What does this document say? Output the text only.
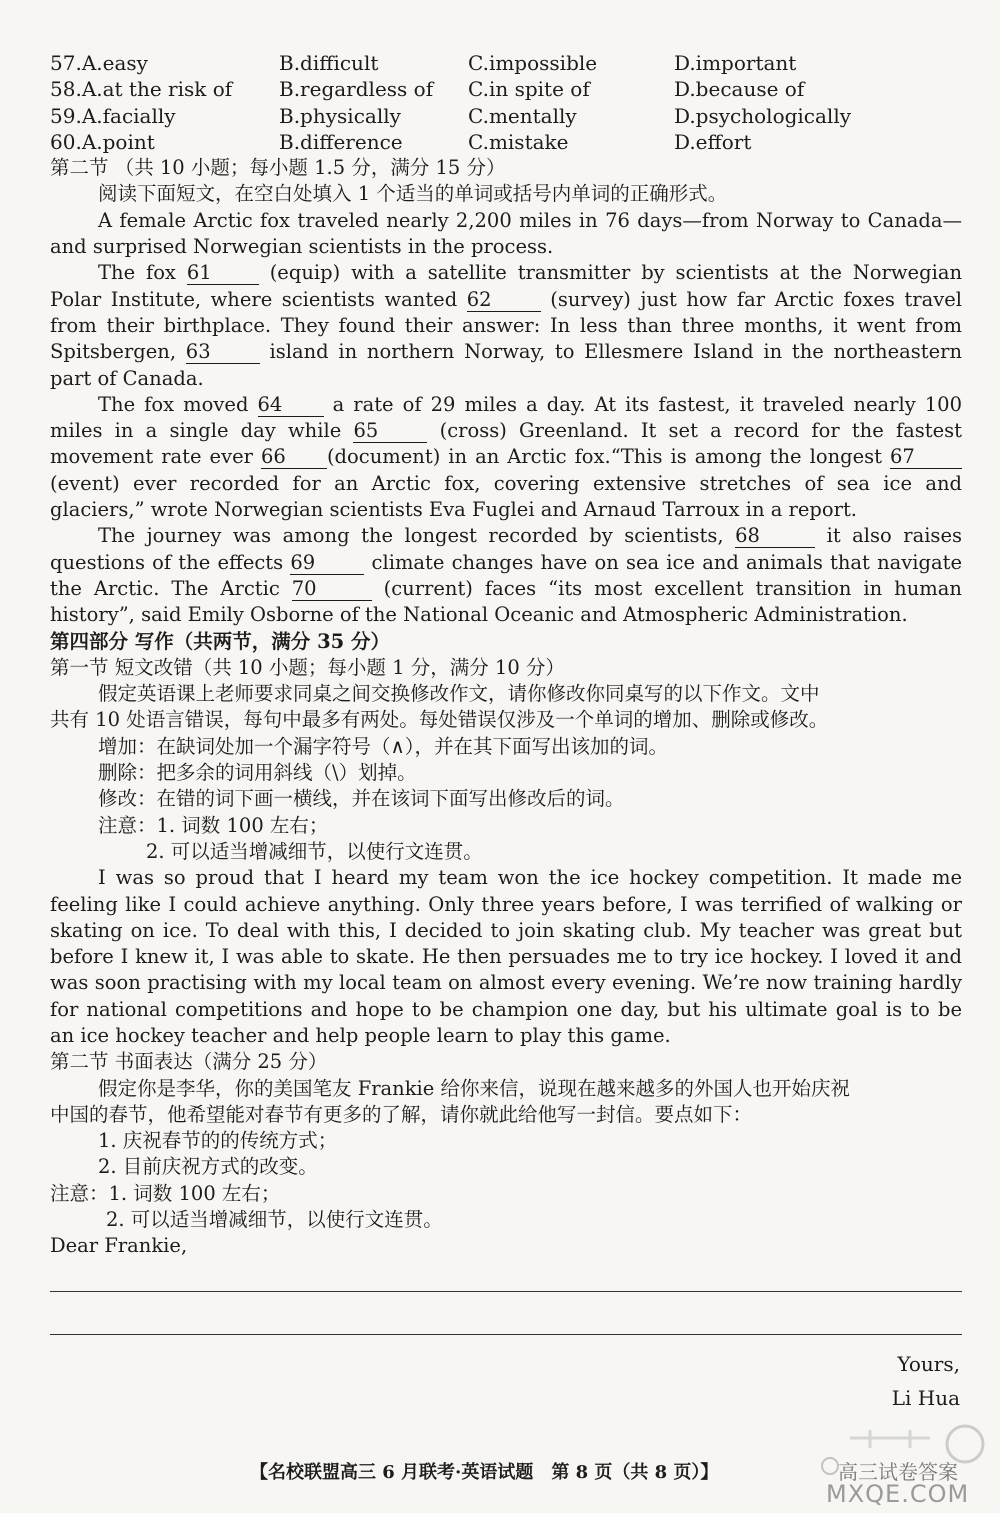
57.A.easy	B.difficult	C.impossible	D.important
58.A.at the risk of	B.regardless of	C.in spite of	D.because of
59.A.facially	B.physically	C.mentally	D.psychologically
60.A.point	B.difference	C.mistake	D.effort
第二节 （共 10 小题；每小题 1.5 分，满分 15 分）
阅读下面短文，在空白处填入 1 个适当的单词或括号内单词的正确形式。
A female Arctic fox traveled nearly 2,200 miles in 76 days—from Norway to Canada—
and surprised Norwegian scientists in the process.
The fox 61	(equip) with a satellite transmitter by scientists at the Norwegian
Polar Institute, where scientists wanted 62	(survey) just how far Arctic foxes travel
from their birthplace. They found their answer: In less than three months, it went from
Spitsbergen, 63	island in northern Norway, to Ellesmere Island in the northeastern
part of Canada.
The fox moved 64	a rate of 29 miles a day. At its fastest, it traveled nearly 100
miles in a single day while 65	(cross) Greenland. It set a record for the fastest
movement rate ever 66 (document) in an Arctic fox.“This is among the longest 67
(event) ever recorded for an Arctic fox, covering extensive stretches of sea ice and
glaciers,” wrote Norwegian scientists Eva Fuglei and Arnaud Tarroux in a report.
The journey was among the longest recorded by scientists, 68	it also raises
questions of the effects 69	climate changes have on sea ice and animals that navigate
the Arctic. The Arctic 70	(current) faces “its most excellent transition in human
history”, said Emily Osborne of the National Oceanic and Atmospheric Administration.
第四部分 写作（共两节，满分 35 分）
第一节 短文改错（共 10 小题；每小题 1 分，满分 10 分）
假定英语课上老师要求同桌之间交换修改作文，请你修改你同桌写的以下作文。文中
共有 10 处语言错误，每句中最多有两处。每处错误仅涉及一个单词的增加、删除或修改。
增加：在缺词处加一个漏字符号（∧），并在其下面写出该加的词。
删除：把多余的词用斜线（\）划掉。
修改：在错的词下画一横线，并在该词下面写出修改后的词。
注意：1. 词数 100 左右；
2. 可以适当增减细节，以使行文连贯。
I was so proud that I heard my team won the ice hockey competition. It made me
feeling like I could achieve anything. Only three years before, I was terrified of walking or
skating on ice. To deal with this, I decided to join skating club. My teacher was great but
before I knew it, I was able to skate. He then persuades me to try ice hockey. I loved it and
was soon practising with my local team on almost every evening. We’re now training hardly
for national competitions and hope to be champion one day, but his ultimate goal is to be
an ice hockey teacher and help people learn to play this game.
第二节 书面表达（满分 25 分）
假定你是李华，你的美国笔友 Frankie 给你来信，说现在越来越多的外国人也开始庆祝
中国的春节，他希望能对春节有更多的了解，请你就此给他写一封信。要点如下：
1. 庆祝春节的的传统方式；
2. 目前庆祝方式的改变。
注意：1. 词数 100 左右；
2. 可以适当增减细节，以使行文连贯。
Dear Frankie,
Yours,
Li Hua
【名校联盟高三 6 月联考·英语试题　第 8 页（共 8 页）】	高三试卷答案
MXQE.COM
